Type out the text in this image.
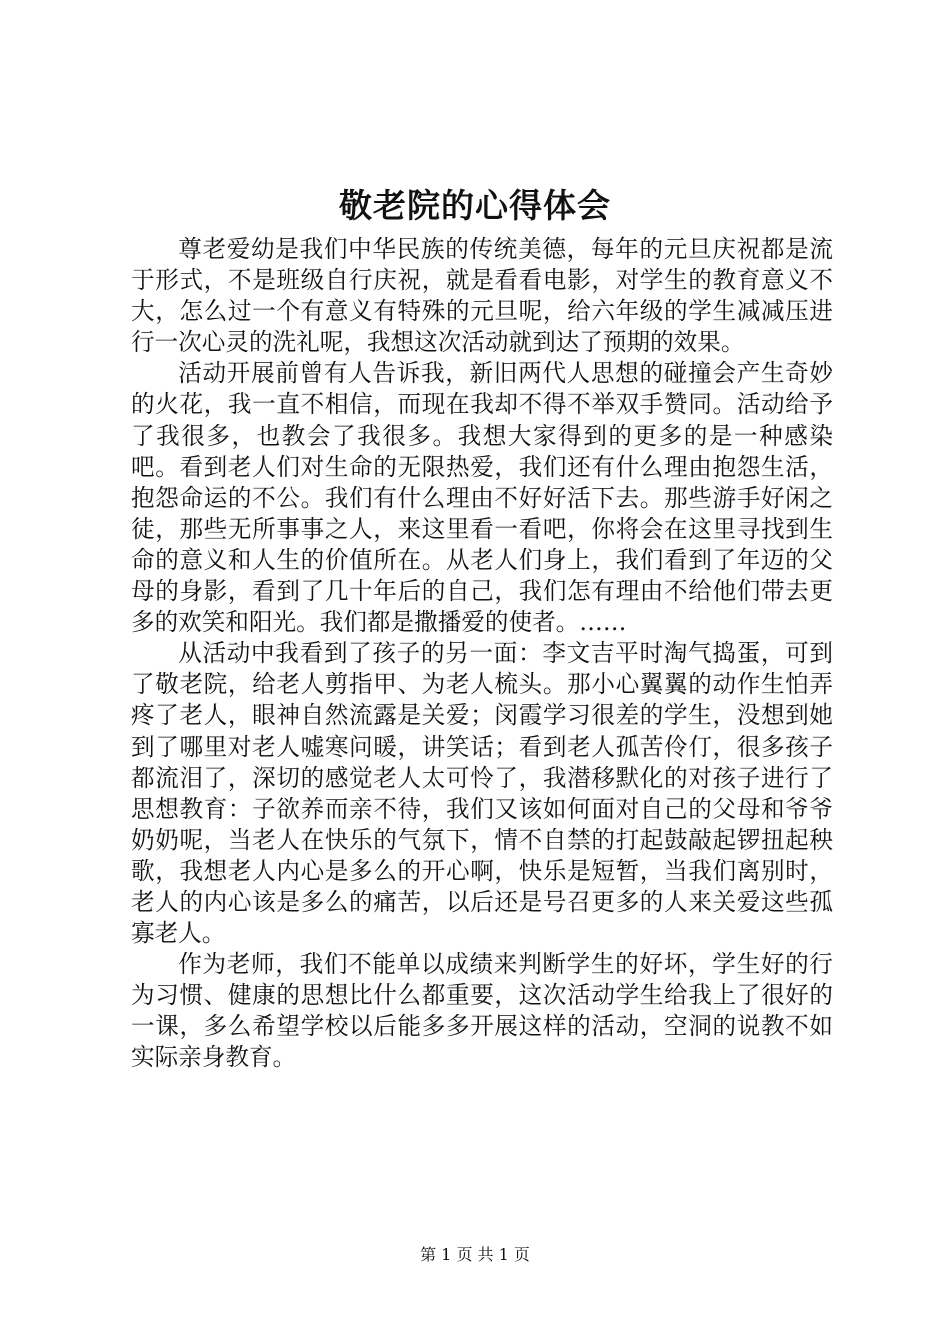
敬老院的心得体会

尊老爱幼是我们中华民族的传统美德，每年的元旦庆祝都是流于形式，不是班级自行庆祝，就是看看电影，对学生的教育意义不大，怎么过一个有意义有特殊的元旦呢，给六年级的学生减减压进行一次心灵的洗礼呢，我想这次活动就到达了预期的效果。

活动开展前曾有人告诉我，新旧两代人思想的碰撞会产生奇妙的火花，我一直不相信，而现在我却不得不举双手赞同。活动给予了我很多，也教会了我很多。我想大家得到的更多的是一种感染吧。看到老人们对生命的无限热爱，我们还有什么理由抱怨生活，抱怨命运的不公。我们有什么理由不好好活下去。那些游手好闲之徒，那些无所事事之人，来这里看一看吧，你将会在这里寻找到生命的意义和人生的价值所在。从老人们身上，我们看到了年迈的父母的身影，看到了几十年后的自己，我们怎有理由不给他们带去更多的欢笑和阳光。我们都是撒播爱的使者。……

从活动中我看到了孩子的另一面：李文吉平时淘气捣蛋，可到了敬老院，给老人剪指甲、为老人梳头。那小心翼翼的动作生怕弄疼了老人，眼神自然流露是关爱；闵霞学习很差的学生，没想到她到了哪里对老人嘘寒问暖，讲笑话；看到老人孤苦伶仃，很多孩子都流泪了，深切的感觉老人太可怜了，我潜移默化的对孩子进行了思想教育：子欲养而亲不待，我们又该如何面对自己的父母和爷爷奶奶呢，当老人在快乐的气氛下，情不自禁的打起鼓敲起锣扭起秧歌，我想老人内心是多么的开心啊，快乐是短暂，当我们离别时，老人的内心该是多么的痛苦，以后还是号召更多的人来关爱这些孤寡老人。

作为老师，我们不能单以成绩来判断学生的好坏，学生好的行为习惯、健康的思想比什么都重要，这次活动学生给我上了很好的一课，多么希望学校以后能多多开展这样的活动，空洞的说教不如实际亲身教育。

第 1 页 共 1 页
